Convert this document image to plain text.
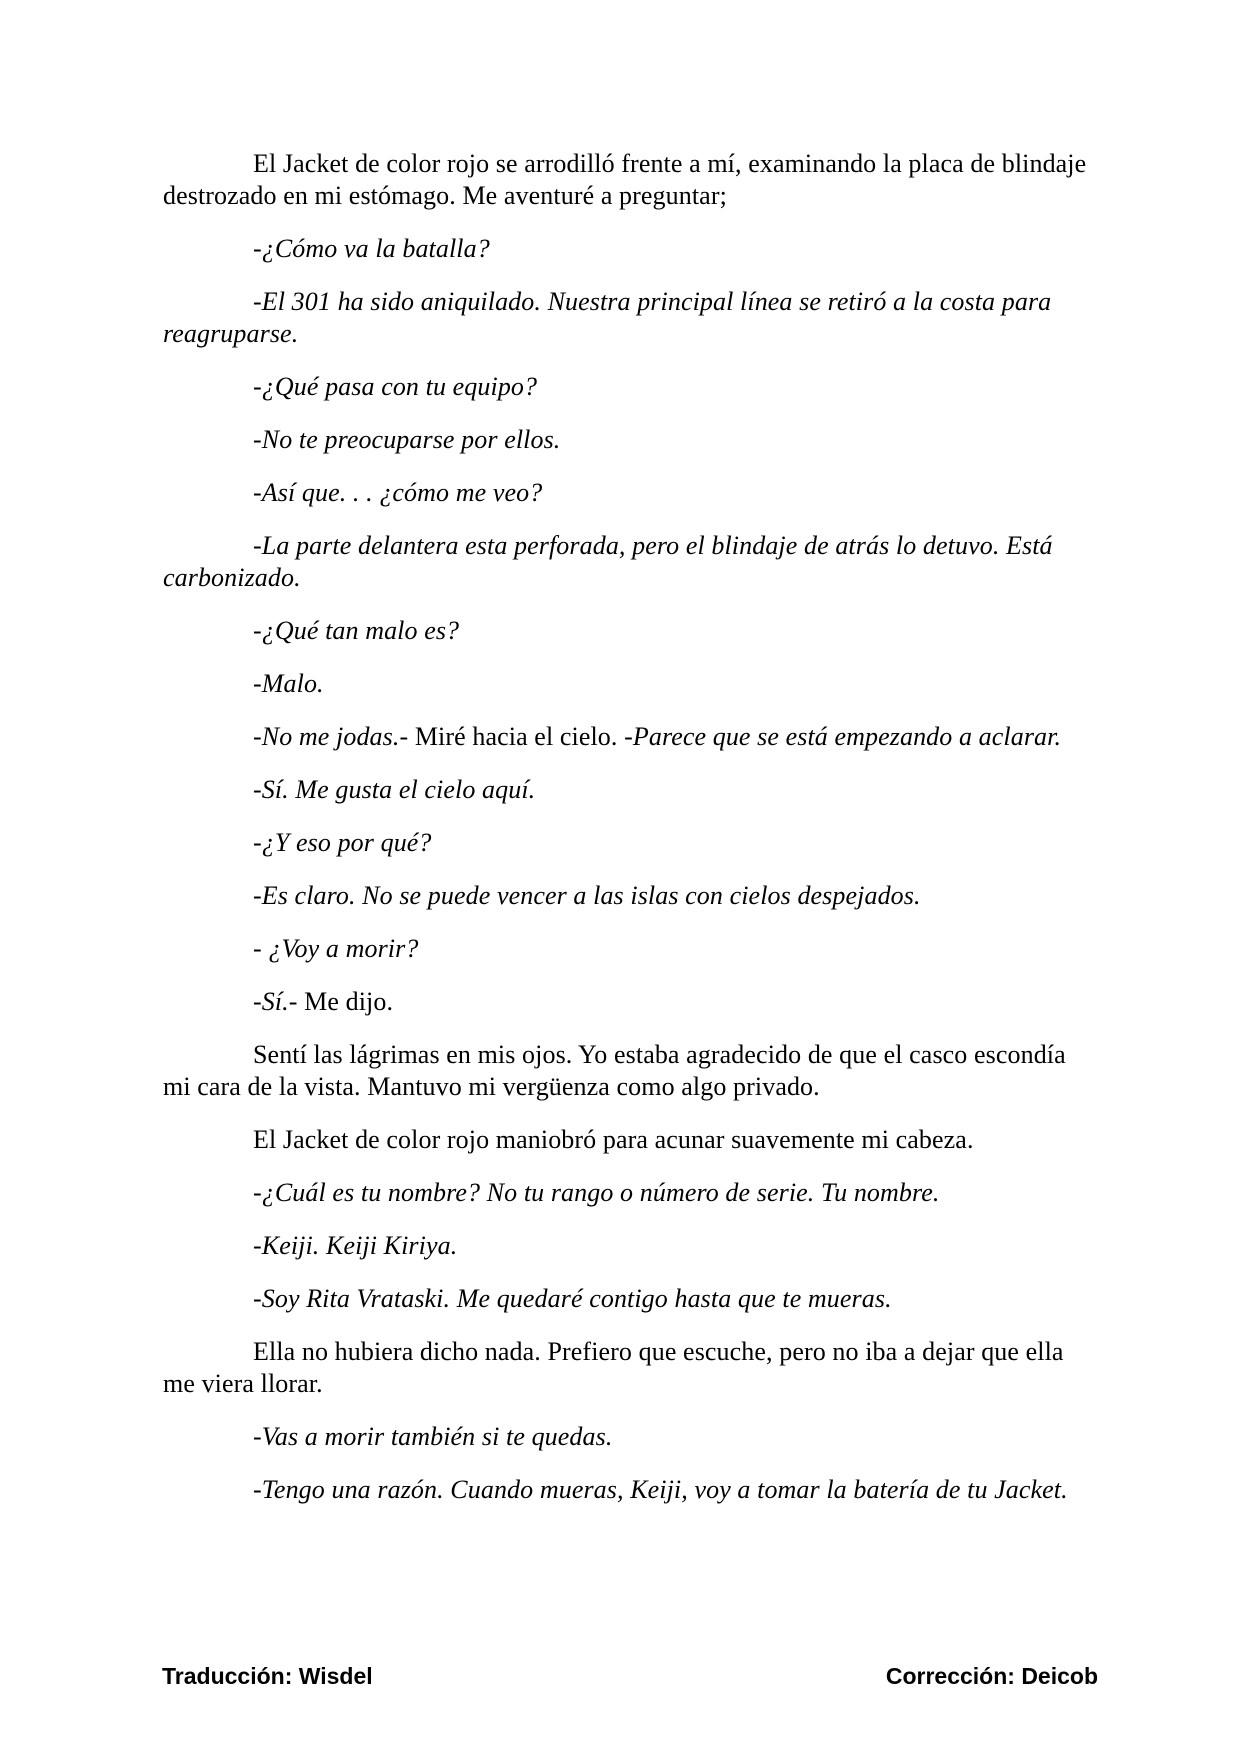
El Jacket de color rojo se arrodilló frente a mí, examinando la placa de blindaje destrozado en mi estómago. Me aventuré a preguntar;

-¿Cómo va la batalla?

-El 301 ha sido aniquilado. Nuestra principal línea se retiró a la costa para reagruparse.

-¿Qué pasa con tu equipo?

-No te preocuparse por ellos.

-Así que. . . ¿cómo me veo?

-La parte delantera esta perforada, pero el blindaje de atrás lo detuvo. Está carbonizado.

-¿Qué tan malo es?

-Malo.

-No me jodas.- Miré hacia el cielo. -Parece que se está empezando a aclarar.

-Sí. Me gusta el cielo aquí.

-¿Y eso por qué?

-Es claro. No se puede vencer a las islas con cielos despejados.

- ¿Voy a morir?

-Sí.- Me dijo.

Sentí las lágrimas en mis ojos. Yo estaba agradecido de que el casco escondía mi cara de la vista. Mantuvo mi vergüenza como algo privado.

El Jacket de color rojo maniobró para acunar suavemente mi cabeza.

-¿Cuál es tu nombre? No tu rango o número de serie. Tu nombre.

-Keiji. Keiji Kiriya.

-Soy Rita Vrataski. Me quedaré contigo hasta que te mueras.

Ella no hubiera dicho nada. Prefiero que escuche, pero no iba a dejar que ella me viera llorar.

-Vas a morir también si te quedas.

-Tengo una razón. Cuando mueras, Keiji, voy a tomar la batería de tu Jacket.

Traducción: Wisdel	Corrección: Deicob
